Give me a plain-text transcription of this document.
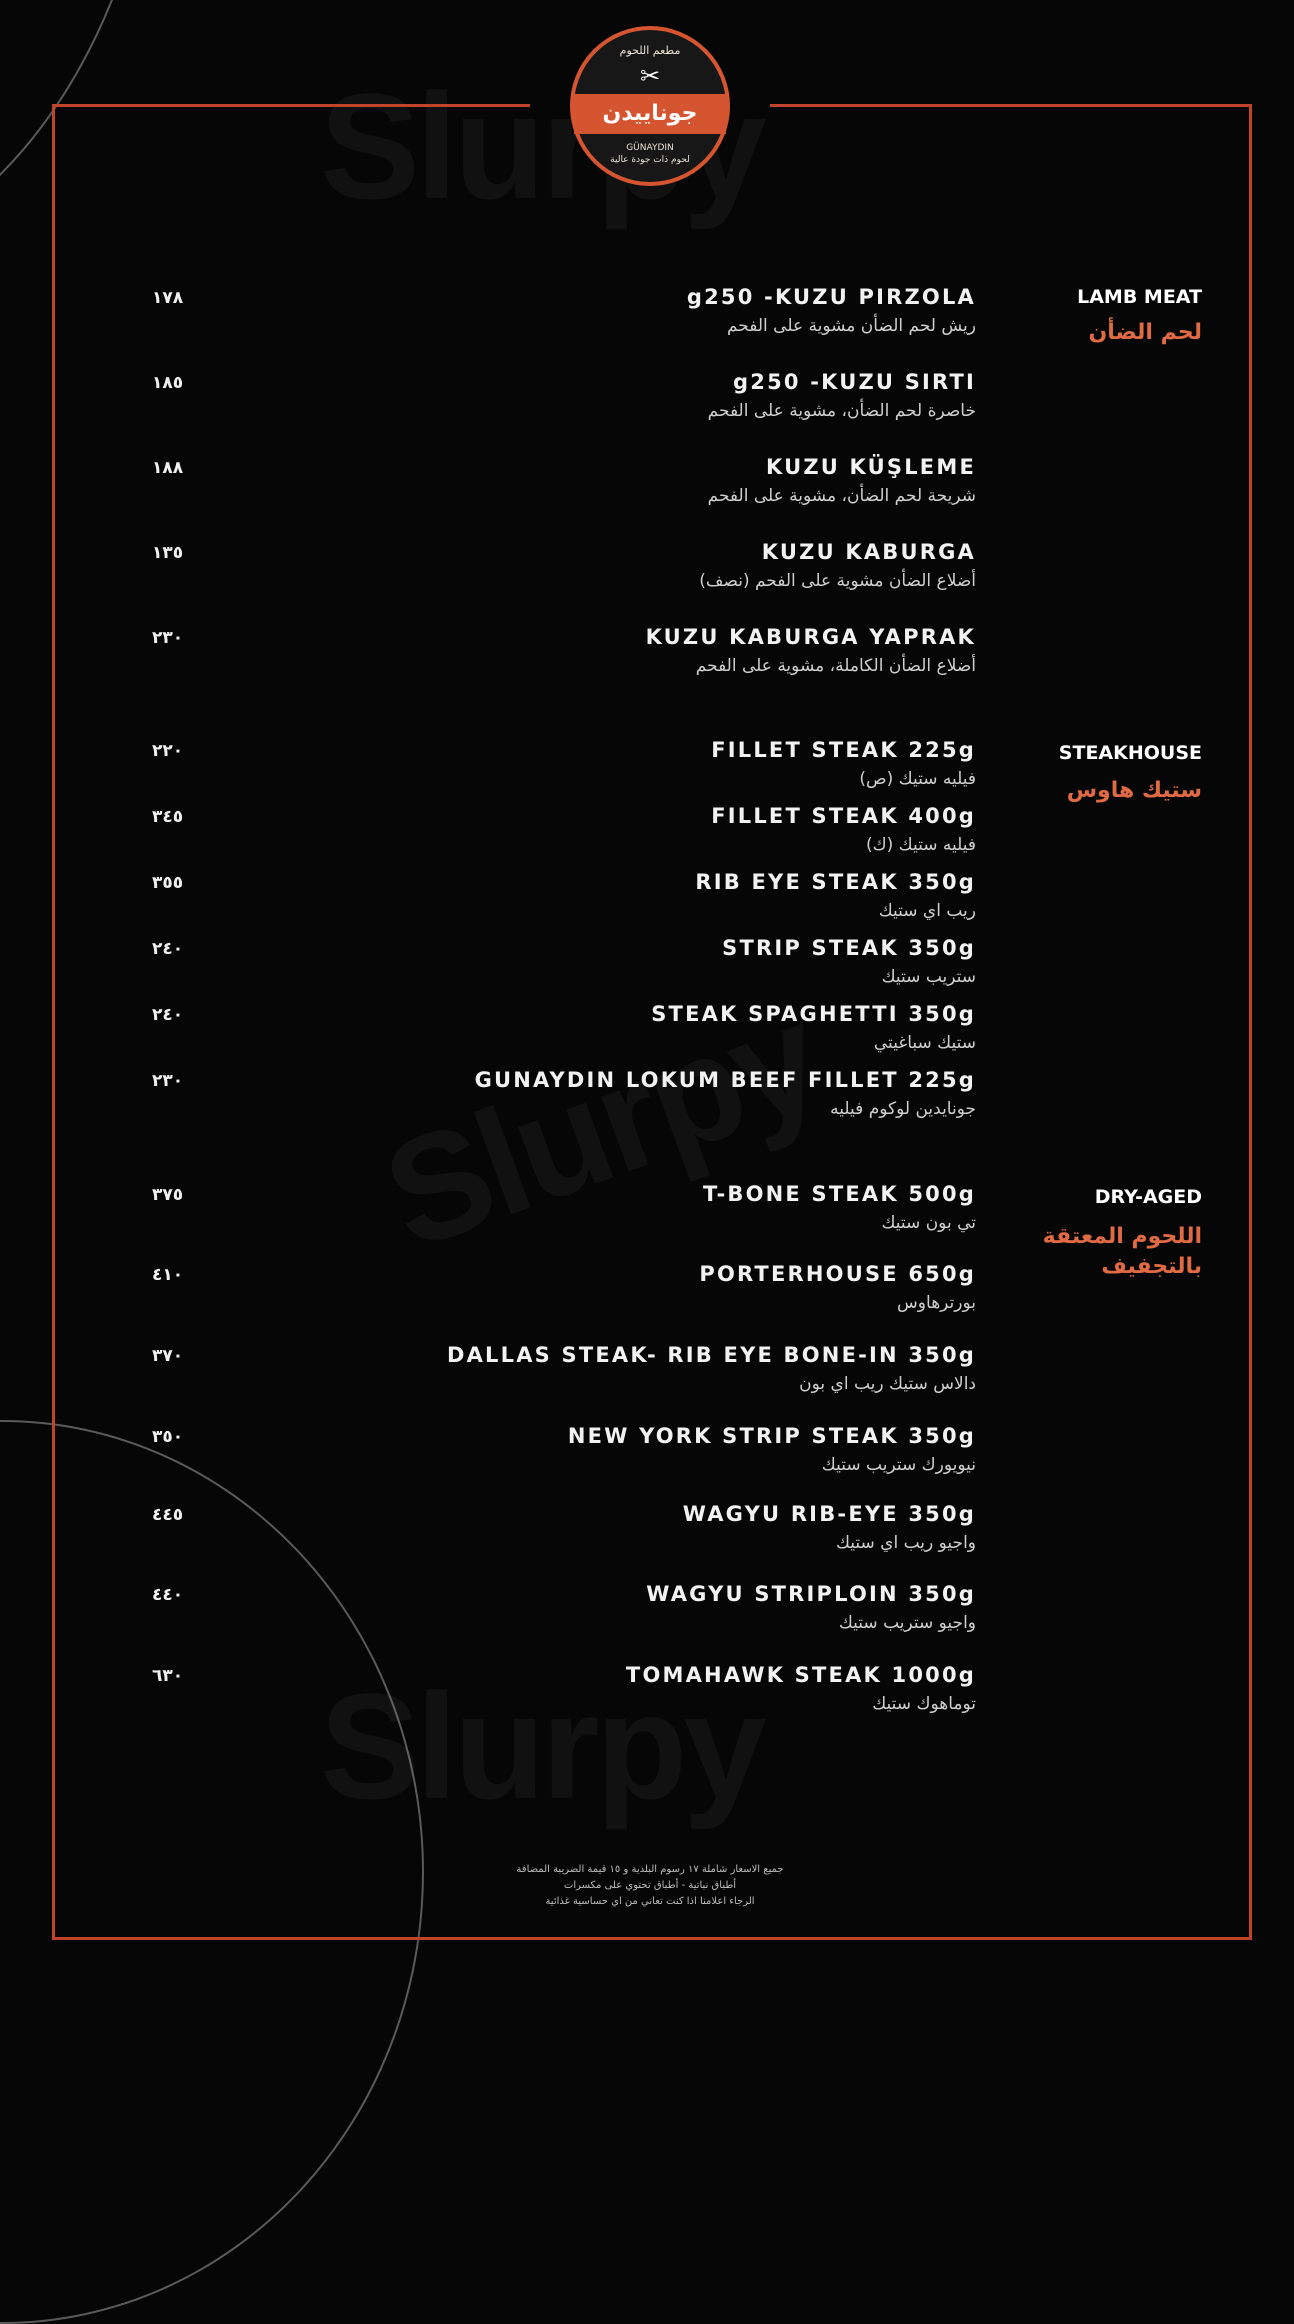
مطعم اللحوم
✂
جوناييدن
GÜNAYDIN
لحوم ذات جودة عالية
LAMB MEAT
لحم الضأن
STEAKHOUSE
ستيك هاوس
DRY-AGED
اللحوم المعتقة بالتجفيف
g250 -KUZU PIRZOLA
ريش لحم الضأن مشوية على الفحم
١٧٨
g250 -KUZU SIRTI
خاصرة لحم الضأن، مشوية على الفحم
١٨٥
KUZU KÜŞLEME
شريحة لحم الضأن، مشوية على الفحم
١٨٨
KUZU KABURGA
أضلاع الضأن مشوية على الفحم (نصف)
١٣٥
KUZU KABURGA YAPRAK
أضلاع الضأن الكاملة، مشوية على الفحم
٢٣٠
FILLET STEAK 225g
فيليه ستيك (ص)
٢٢٠
FILLET STEAK 400g
فيليه ستيك (ك)
٣٤٥
RIB EYE STEAK 350g
ريب اي ستيك
٣٥٥
STRIP STEAK 350g
ستريب ستيك
٢٤٠
STEAK SPAGHETTI 350g
ستيك سباغيتي
٢٤٠
GUNAYDIN LOKUM BEEF FILLET 225g
جونايدين لوكوم فيليه
٢٣٠
T-BONE STEAK 500g
تي بون ستيك
٣٧٥
PORTERHOUSE 650g
بورترهاوس
٤١٠
DALLAS STEAK- RIB EYE BONE-IN 350g
دالاس ستيك ريب اي بون
٣٧٠
NEW YORK STRIP STEAK 350g
نيويورك ستريب ستيك
٣٥٠
WAGYU RIB-EYE 350g
واجيو ريب اي ستيك
٤٤٥
WAGYU STRIPLOIN 350g
واجيو ستريب ستيك
٤٤٠
TOMAHAWK STEAK 1000g
توماهوك ستيك
٦٣٠
جميع الاسعار شاملة ١٧ رسوم البلدية و ١٥ قيمة الضريبة المضافة
أطباق نباتية - أطباق تحتوي على مكسرات
الرجاء اعلامنا اذا كنت تعاني من اي حساسية غذائية
